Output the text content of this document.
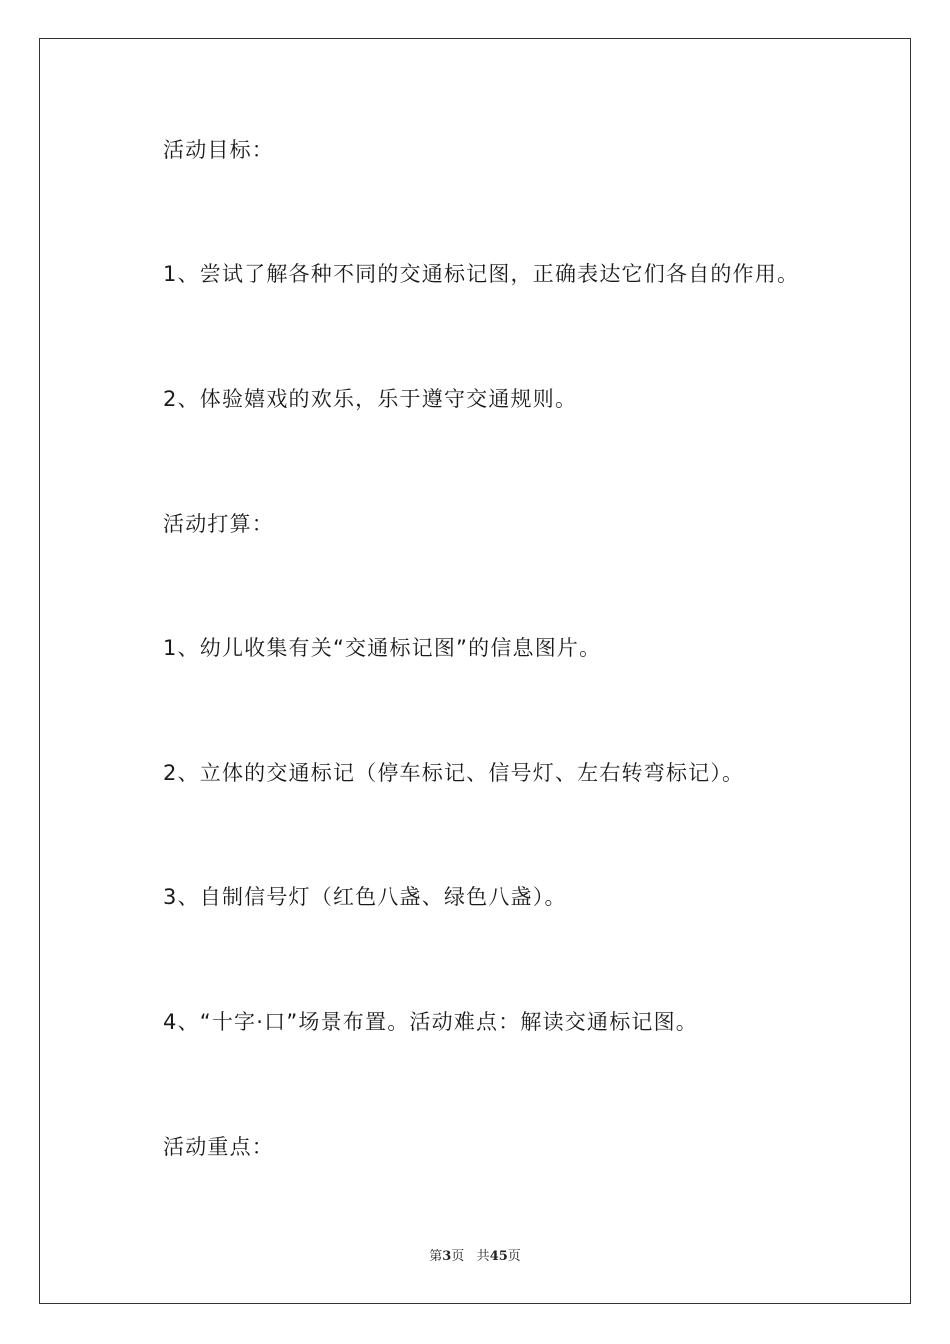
活动目标：
1、尝试了解各种不同的交通标记图，正确表达它们各自的作用。
2、体验嬉戏的欢乐，乐于遵守交通规则。
活动打算：
1、幼儿收集有关“交通标记图”的信息图片。
2、立体的交通标记（停车标记、信号灯、左右转弯标记）。
3、自制信号灯（红色八盏、绿色八盏）。
4、“十字·口”场景布置。活动难点：解读交通标记图。
活动重点：
第3页 共45页
